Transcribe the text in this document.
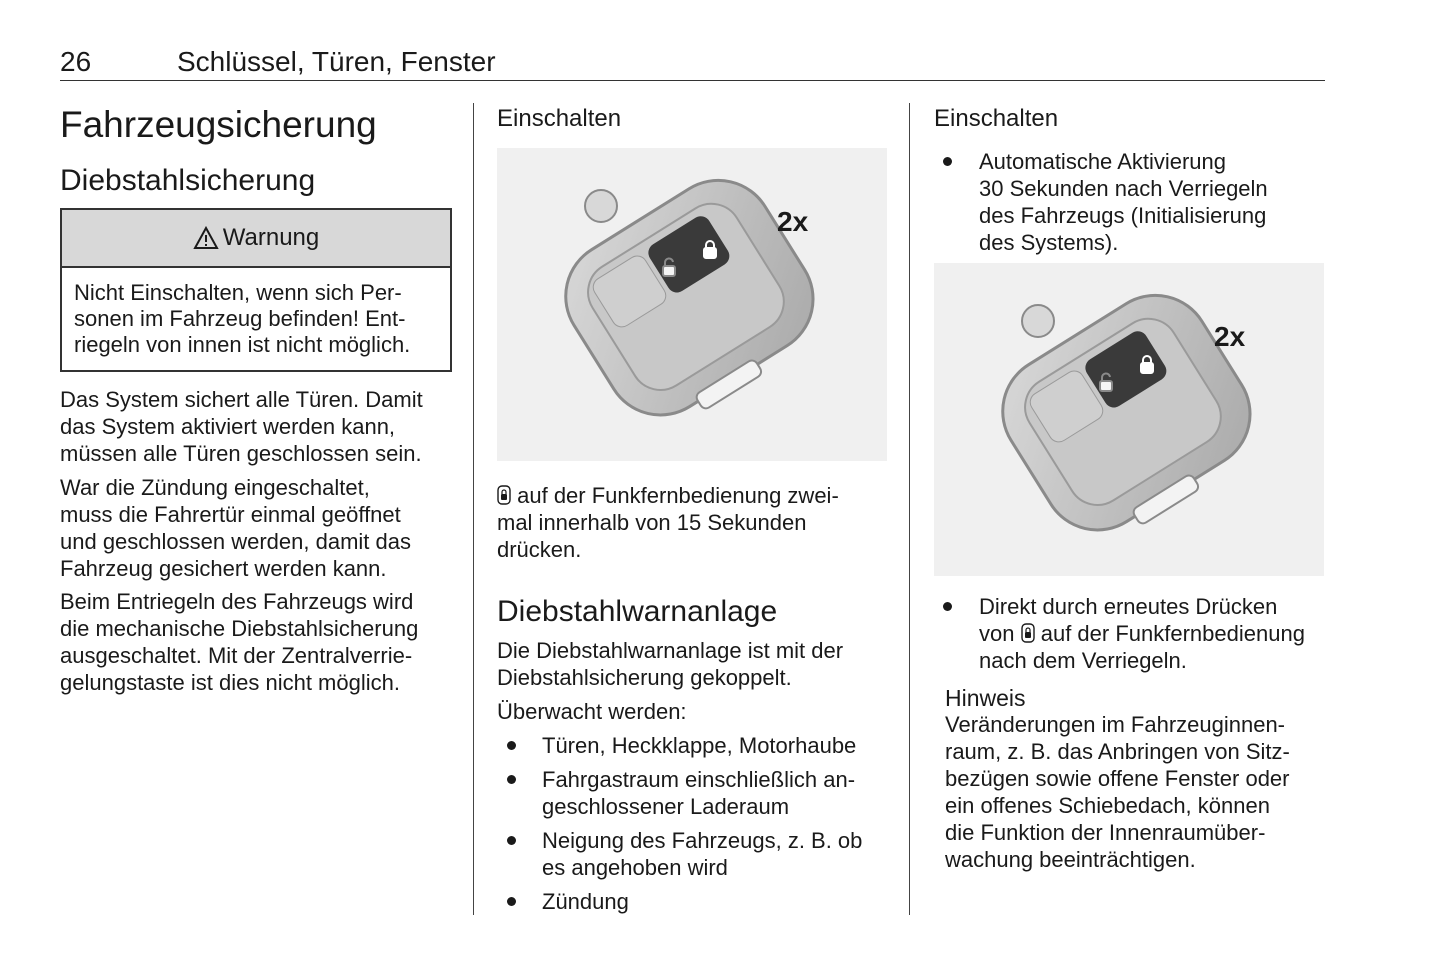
26	Schlüssel, Türen, Fenster
Fahrzeugsicherung
Diebstahlsicherung
Warnung
Nicht Einschalten, wenn sich Per-
sonen im Fahrzeug befinden! Ent-
riegeln von innen ist nicht möglich.
Das System sichert alle Türen. Damit
das System aktiviert werden kann,
müssen alle Türen geschlossen sein.
War die Zündung eingeschaltet,
muss die Fahrertür einmal geöffnet
und geschlossen werden, damit das
Fahrzeug gesichert werden kann.
Beim Entriegeln des Fahrzeugs wird
die mechanische Diebstahlsicherung
ausgeschaltet. Mit der Zentralverrie-
gelungstaste ist dies nicht möglich.
Einschalten
2x
auf der Funkfernbedienung zwei-
mal innerhalb von 15 Sekunden
drücken.
Diebstahlwarnanlage
Die Diebstahlwarnanlage ist mit der
Diebstahlsicherung gekoppelt.
Überwacht werden:
Türen, Heckklappe, Motorhaube
Fahrgastraum einschließlich an-
geschlossener Laderaum
Neigung des Fahrzeugs, z. B. ob
es angehoben wird
Zündung
Einschalten
Automatische Aktivierung
30 Sekunden nach Verriegeln
des Fahrzeugs (Initialisierung
des Systems).
2x
Direkt durch erneutes Drücken
von auf der Funkfernbedienung
nach dem Verriegeln.
Hinweis
Veränderungen im Fahrzeuginnen-
raum, z. B. das Anbringen von Sitz-
bezügen sowie offene Fenster oder
ein offenes Schiebedach, können
die Funktion der Innenraumüber-
wachung beeinträchtigen.
